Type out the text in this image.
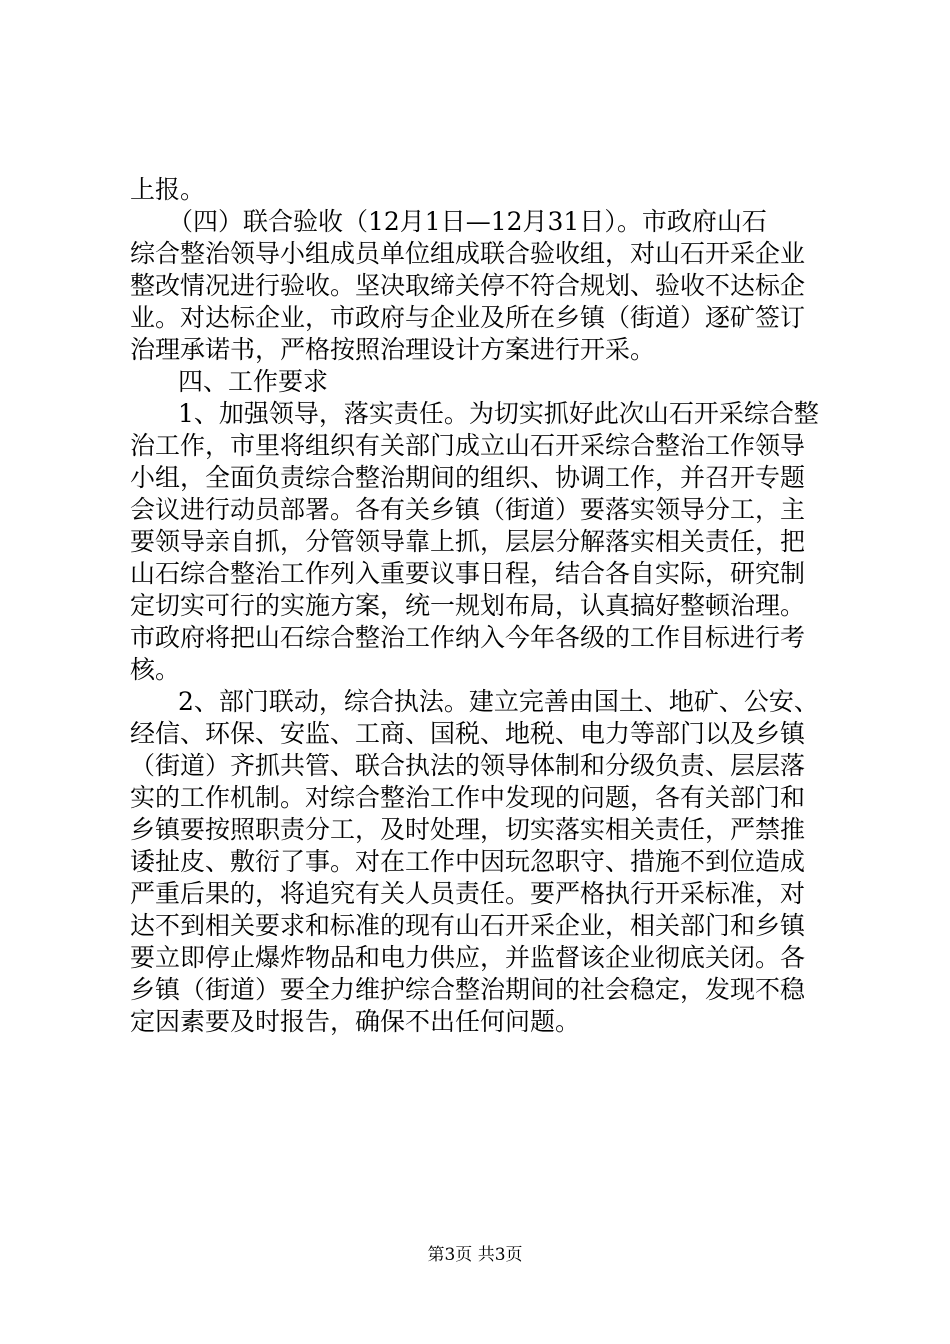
上报。
（四）联合验收（12月1日—12月31日）。市政府山石
综合整治领导小组成员单位组成联合验收组，对山石开采企业
整改情况进行验收。坚决取缔关停不符合规划、验收不达标企
业。对达标企业，市政府与企业及所在乡镇（街道）逐矿签订
治理承诺书，严格按照治理设计方案进行开采。
四、工作要求
1、加强领导，落实责任。为切实抓好此次山石开采综合整
治工作，市里将组织有关部门成立山石开采综合整治工作领导
小组，全面负责综合整治期间的组织、协调工作，并召开专题
会议进行动员部署。各有关乡镇（街道）要落实领导分工，主
要领导亲自抓，分管领导靠上抓，层层分解落实相关责任，把
山石综合整治工作列入重要议事日程，结合各自实际，研究制
定切实可行的实施方案，统一规划布局，认真搞好整顿治理。
市政府将把山石综合整治工作纳入今年各级的工作目标进行考
核。
2、部门联动，综合执法。建立完善由国土、地矿、公安、
经信、环保、安监、工商、国税、地税、电力等部门以及乡镇
（街道）齐抓共管、联合执法的领导体制和分级负责、层层落
实的工作机制。对综合整治工作中发现的问题，各有关部门和
乡镇要按照职责分工，及时处理，切实落实相关责任，严禁推
诿扯皮、敷衍了事。对在工作中因玩忽职守、措施不到位造成
严重后果的，将追究有关人员责任。要严格执行开采标准，对
达不到相关要求和标准的现有山石开采企业，相关部门和乡镇
要立即停止爆炸物品和电力供应，并监督该企业彻底关闭。各
乡镇（街道）要全力维护综合整治期间的社会稳定，发现不稳
定因素要及时报告，确保不出任何问题。
第3页 共3页
